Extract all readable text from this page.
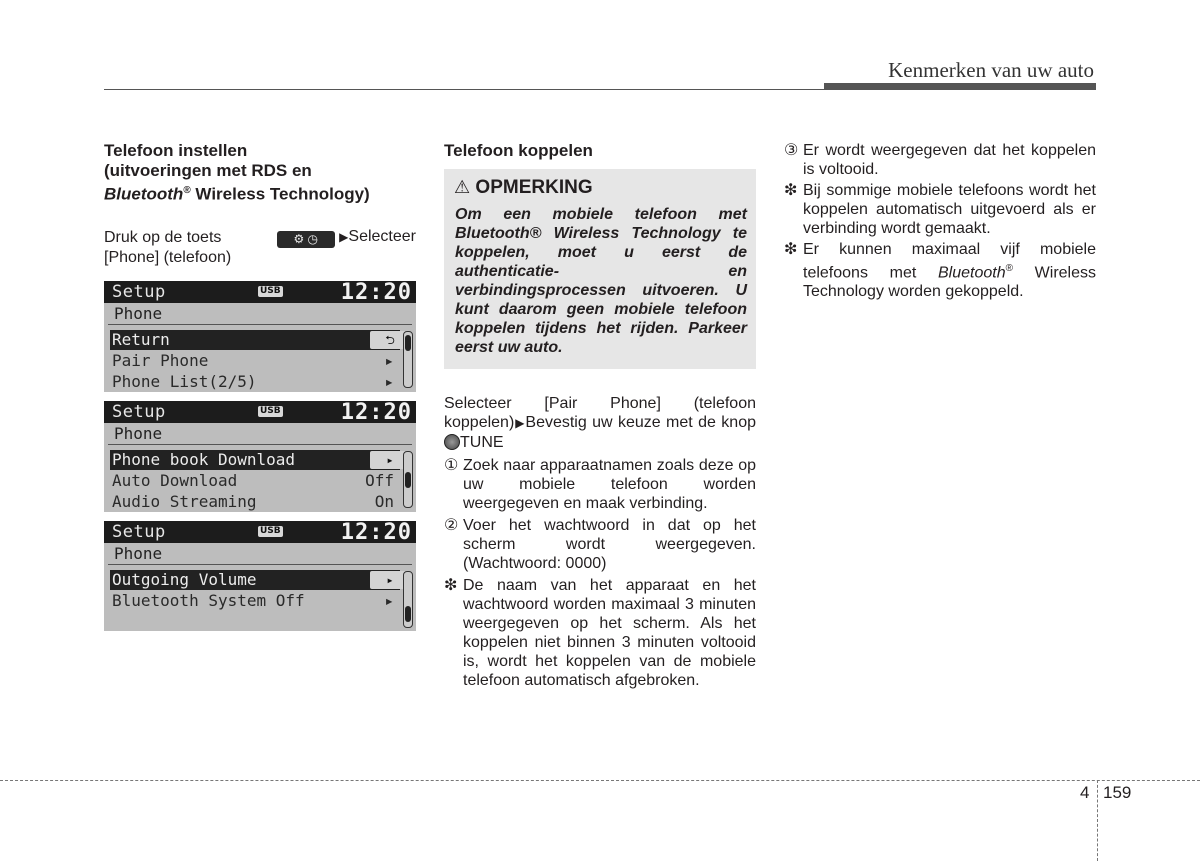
Kenmerken van uw auto
Telefoon instellen
(uitvoeringen met RDS en
Bluetooth® Wireless Technology)

Druk op de toets	⚙ ◷ ▶Selecteer

[Phone] (telefoon)

Setup	USB	12:20
Phone
Return	⮌
Pair Phone	▸
Phone List(2/5)	▸
Setup	USB	12:20
Phone
Phone book Download	▸
Auto Download	Off
Audio Streaming	On
Setup	USB	12:20
Phone
Outgoing Volume	▸
Bluetooth System Off	▸
Telefoon koppelen
⚠ OPMERKING
Om een mobiele telefoon met Bluetooth® Wireless Technology te koppelen, moet u eerst de authenticatie- en verbindingsprocessen uitvoeren. U kunt daarom geen mobiele telefoon koppelen tijdens het rijden. Parkeer eerst uw auto.

Selecteer [Pair Phone] (telefoon koppelen)▶Bevestig uw keuze met de knop TUNE

① Zoek naar apparaatnamen zoals deze op uw mobiele telefoon worden weergegeven en maak verbinding.
② Voer het wachtwoord in dat op het scherm wordt weergegeven. (Wachtwoord: 0000)
❇ De naam van het apparaat en het wachtwoord worden maximaal 3 minuten weergegeven op het scherm. Als het koppelen niet binnen 3 minuten voltooid is, wordt het koppelen van de mobiele telefoon automatisch afgebroken.
③ Er wordt weergegeven dat het koppelen is voltooid.
❇ Bij sommige mobiele telefoons wordt het koppelen automatisch uitgevoerd als er verbinding wordt gemaakt.
❇ Er kunnen maximaal vijf mobiele telefoons met Bluetooth® Wireless Technology worden gekoppeld.
4 159
